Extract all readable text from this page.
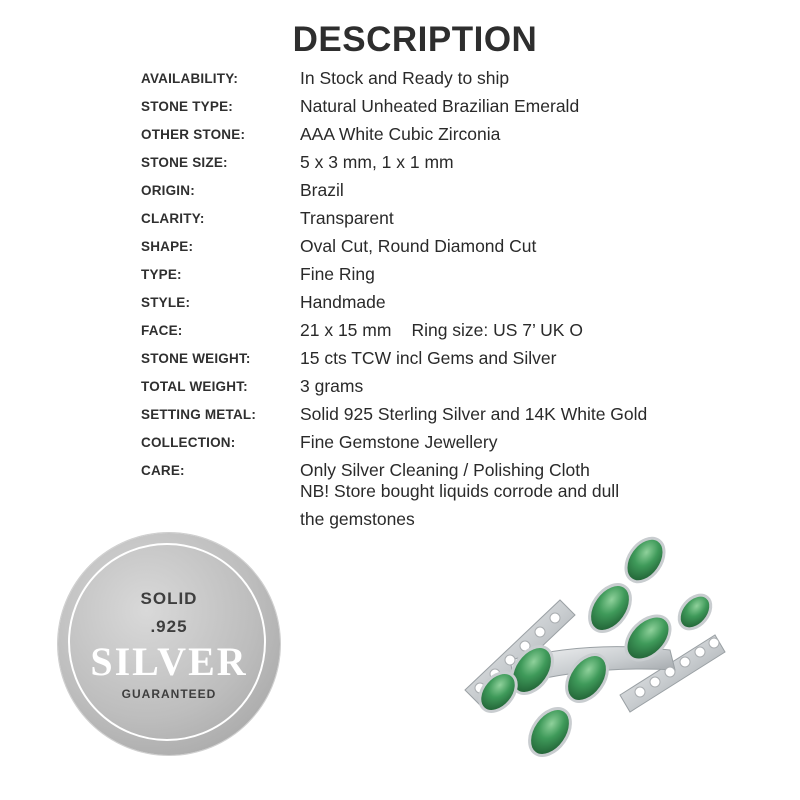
DESCRIPTION
AVAILABILITY:	In Stock and Ready to ship
STONE TYPE:	Natural Unheated Brazilian Emerald
OTHER STONE:	AAA White Cubic Zirconia
STONE SIZE:	5 x 3 mm, 1 x 1 mm
ORIGIN:	Brazil
CLARITY:	Transparent
SHAPE:	Oval Cut, Round Diamond Cut
TYPE:	Fine Ring
STYLE:	Handmade
FACE:	21 x 15 mm Ring size: US 7’ UK O
STONE WEIGHT:	15 cts TCW incl Gems and Silver
TOTAL WEIGHT:	3 grams
SETTING METAL:	Solid 925 Sterling Silver and 14K White Gold
COLLECTION:	Fine Gemstone Jewellery
CARE:	Only Silver Cleaning / Polishing Cloth
NB! Store bought liquids corrode and dull
the gemstones
SOLID
.925
SILVER
GUARANTEED
